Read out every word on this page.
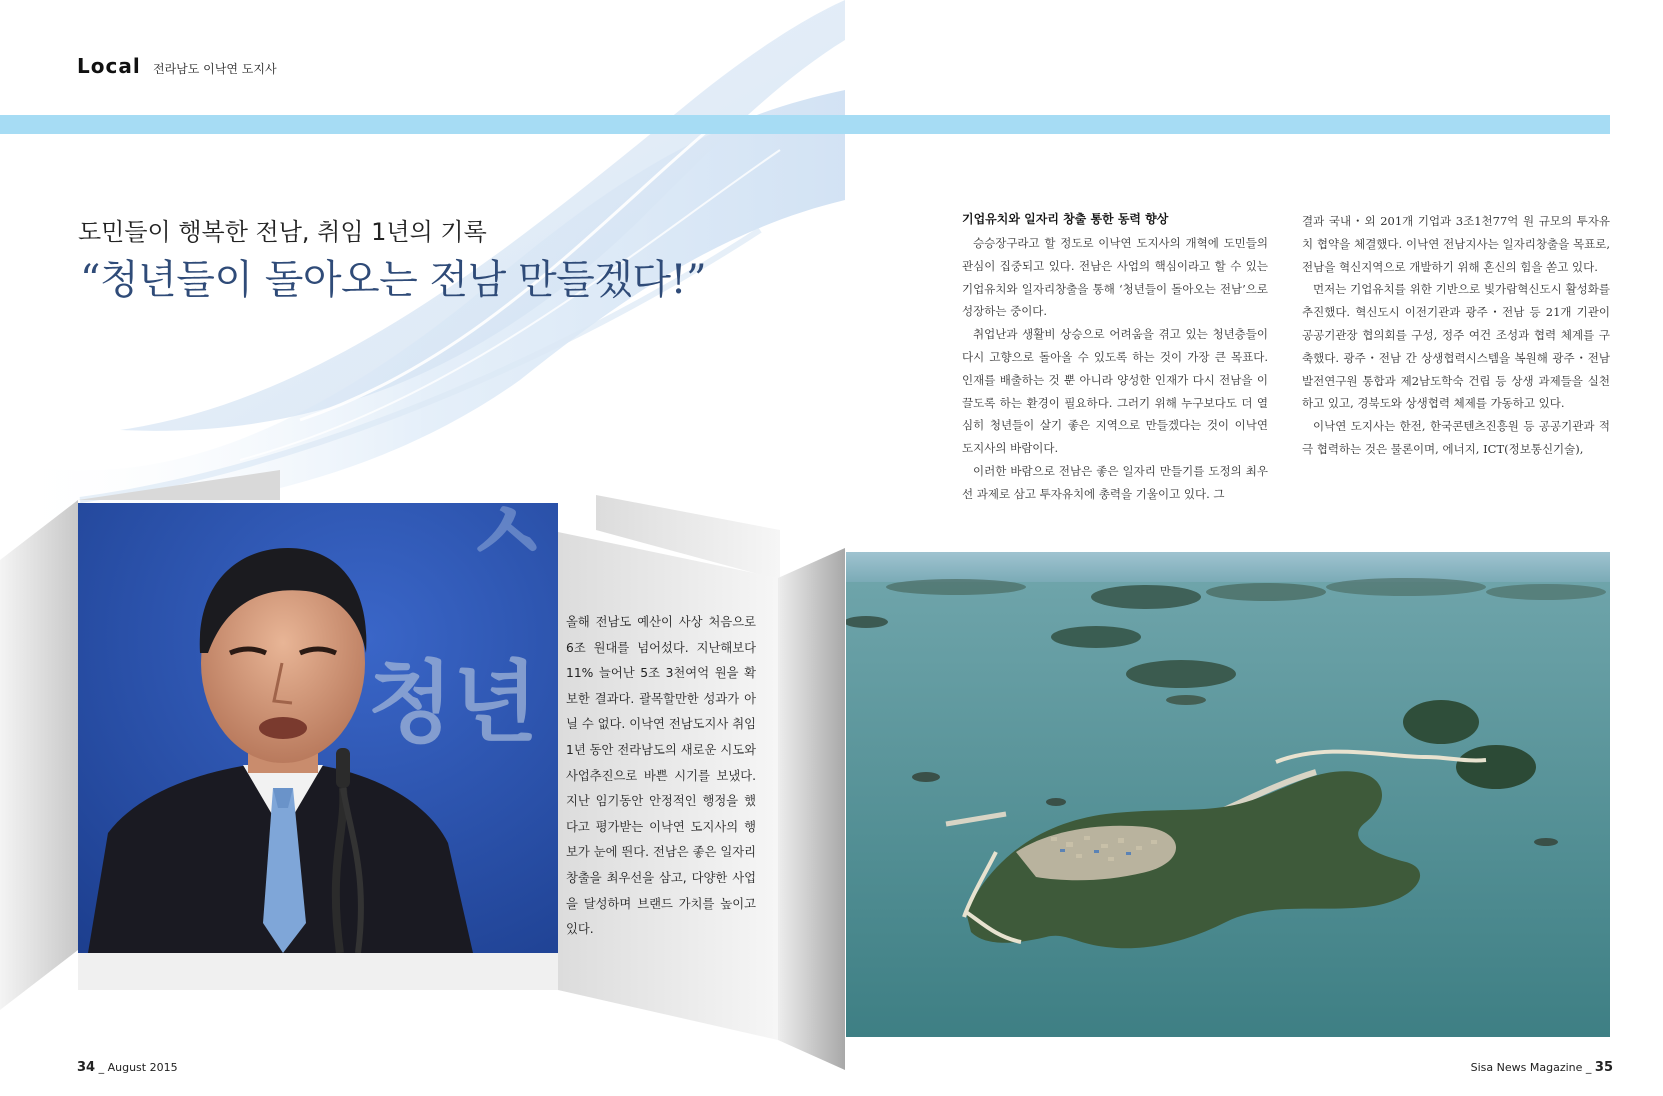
Local 전라남도 이낙연 도지사
도민들이 행복한 전남, 취임 1년의 기록
“청년들이 돌아오는 전남 만들겠다!”
기업유치와 일자리 창출 통한 동력 향상

승승장구라고 할 정도로 이낙연 도지사의 개혁에 도민들의 관심이 집중되고 있다. 전남은 사업의 핵심이라고 할 수 있는 기업유치와 일자리창출을 통해 ‘청년들이 돌아오는 전남’으로 성장하는 중이다.

취업난과 생활비 상승으로 어려움을 겪고 있는 청년층들이 다시 고향으로 돌아올 수 있도록 하는 것이 가장 큰 목표다. 인재를 배출하는 것 뿐 아니라 양성한 인재가 다시 전남을 이끌도록 하는 환경이 필요하다. 그러기 위해 누구보다도 더 열심히 청년들이 살기 좋은 지역으로 만들겠다는 것이 이낙연 도지사의 바람이다.

이러한 바람으로 전남은 좋은 일자리 만들기를 도정의 최우선 과제로 삼고 투자유치에 총력을 기울이고 있다. 그

결과 국내・외 201개 기업과 3조1천77억 원 규모의 투자유치 협약을 체결했다. 이낙연 전남지사는 일자리창출을 목표로, 전남을 혁신지역으로 개발하기 위해 혼신의 힘을 쏟고 있다.

먼저는 기업유치를 위한 기반으로 빛가람혁신도시 활성화를 추진했다. 혁신도시 이전기관과 광주・전남 등 21개 기관이 공공기관장 협의회를 구성, 정주 여건 조성과 협력 체계를 구축했다. 광주・전남 간 상생협력시스템을 복원해 광주・전남발전연구원 통합과 제2남도학숙 건립 등 상생 과제들을 실천하고 있고, 경북도와 상생협력 체제를 가동하고 있다.

이낙연 도지사는 한전, 한국콘텐츠진흥원 등 공공기관과 적극 협력하는 것은 물론이며, 에너지, ICT(정보통신기술),

ㅅ
청년
올해 전남도 예산이 사상 처음으로 6조 원대를 넘어섰다. 지난해보다 11% 늘어난 5조 3천여억 원을 확보한 결과다. 괄목할만한 성과가 아닐 수 없다. 이낙연 전남도지사 취임 1년 동안 전라남도의 새로운 시도와 사업추진으로 바쁜 시기를 보냈다. 지난 임기동안 안정적인 행정을 했다고 평가받는 이낙연 도지사의 행보가 눈에 띈다. 전남은 좋은 일자리 창출을 최우선을 삼고, 다양한 사업을 달성하며 브랜드 가치를 높이고 있다.
34 _ August 2015	Sisa News Magazine _ 35
